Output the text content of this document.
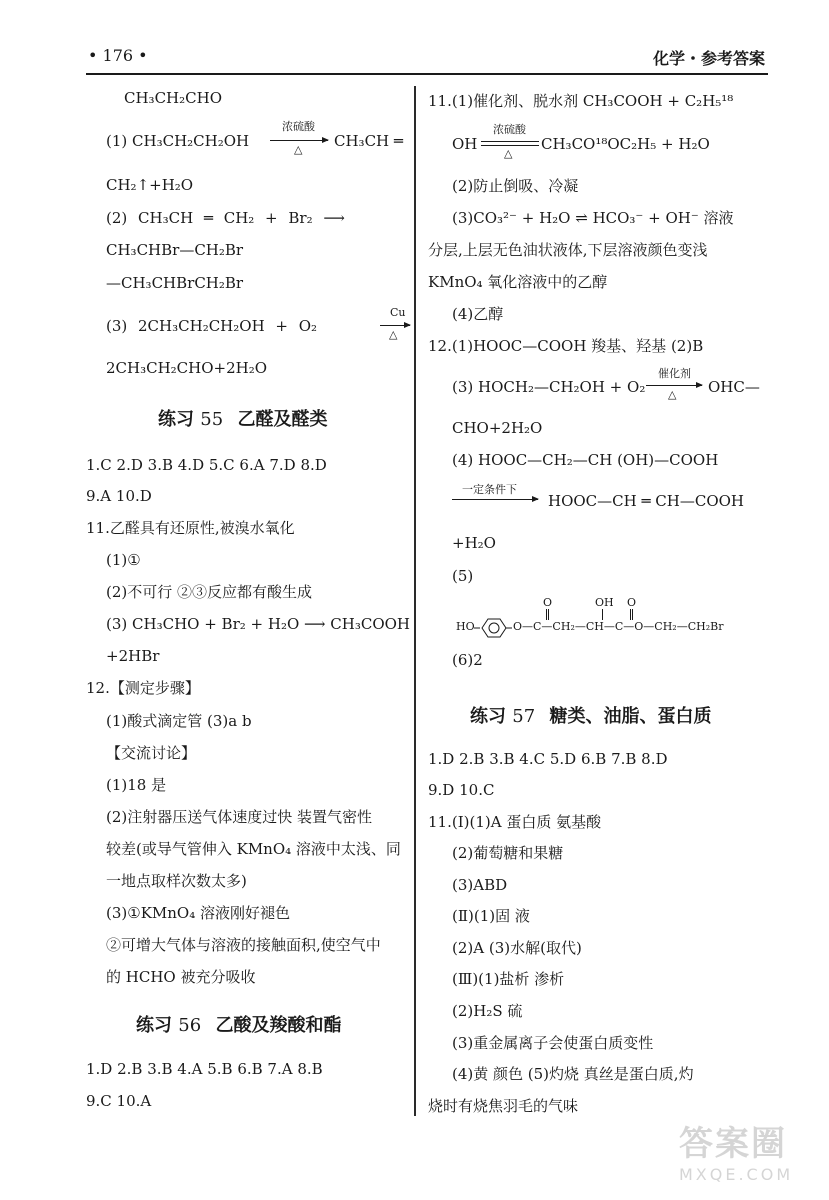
• 176 •	化学・参考答案
CH₃CH₂CHO
(1) CH₃CH₂CH₂OH
浓硫酸
△ CH₃CH ═
CH₂↑+H₂O
(2) CH₃CH ═ CH₂ + Br₂ ⟶
CH₃CHBr—CH₂Br
—CH₃CHBrCH₂Br
(3) 2CH₃CH₂CH₂OH + O₂
Cu
△
2CH₃CH₂CHO+2H₂O
练习 55 乙醛及醛类
1.C 2.D 3.B 4.D 5.C 6.A 7.D 8.D
9.A 10.D
11.乙醛具有还原性,被溴水氧化
(1)①
(2)不可行 ②③反应都有酸生成
(3) CH₃CHO + Br₂ + H₂O ⟶ CH₃COOH
+2HBr
12.【测定步骤】
(1)酸式滴定管 (3)a b
【交流讨论】
(1)18 是
(2)注射器压送气体速度过快 装置气密性
较差(或导气管伸入 KMnO₄ 溶液中太浅、同
一地点取样次数太多)
(3)①KMnO₄ 溶液刚好褪色
②可增大气体与溶液的接触面积,使空气中
的 HCHO 被充分吸收
练习 56 乙酸及羧酸和酯
1.D 2.B 3.B 4.A 5.B 6.B 7.A 8.B
9.C 10.A
11.(1)催化剂、脱水剂 CH₃COOH + C₂H₅¹⁸
OH
浓硫酸
△
CH₃CO¹⁸OC₂H₅ + H₂O
(2)防止倒吸、冷凝
(3)CO₃²⁻ + H₂O ⇌ HCO₃⁻ + OH⁻ 溶液
分层,上层无色油状液体,下层溶液颜色变浅
KMnO₄ 氧化溶液中的乙醇
(4)乙醇
12.(1)HOOC—COOH 羧基、羟基 (2)B
(3) HOCH₂—CH₂OH + O₂
催化剂
△ OHC—
CHO+2H₂O
(4) HOOC—CH₂—CH (OH)—COOH
一定条件下
HOOC—CH ═ CH—COOH
+H₂O
(5)
HO	O—C—CH₂—CH—C—O—CH₂—CH₂Br
O	OH O
(6)2
练习 57 糖类、油脂、蛋白质
1.D 2.B 3.B 4.C 5.D 6.B 7.B 8.D
9.D 10.C
11.(Ⅰ)(1)A 蛋白质 氨基酸
(2)葡萄糖和果糖
(3)ABD
(Ⅱ)(1)固 液
(2)A (3)水解(取代)
(Ⅲ)(1)盐析 渗析
(2)H₂S 硫
(3)重金属离子会使蛋白质变性
(4)黄 颜色 (5)灼烧 真丝是蛋白质,灼
烧时有烧焦羽毛的气味
答案圈
MXQE.COM
